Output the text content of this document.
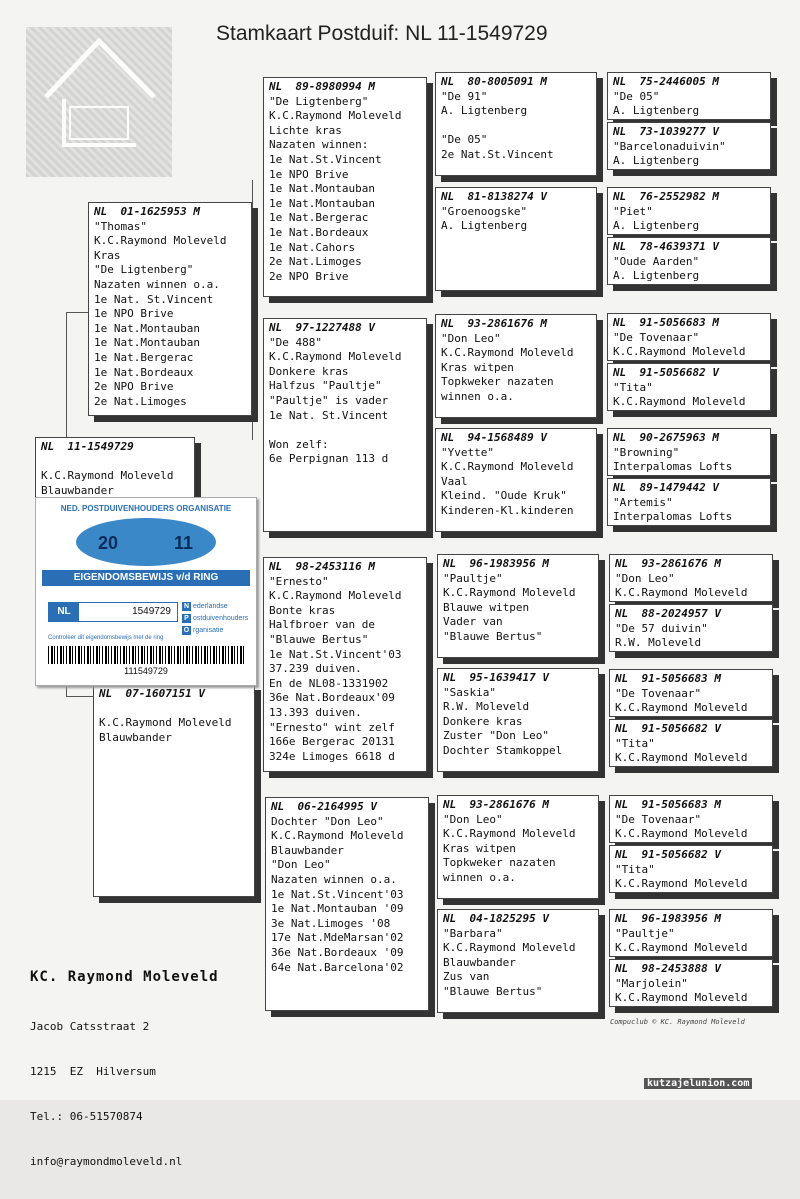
Stamkaart Postduif: NL 11-1549729
NL  11-1549729

K.C.Raymond Moleveld
Blauwbander
NL  01-1625953 M
"Thomas"
K.C.Raymond Moleveld
Kras
"De Ligtenberg"
Nazaten winnen o.a.
1e Nat. St.Vincent
1e NPO Brive
1e Nat.Montauban
1e Nat.Montauban
1e Nat.Bergerac
1e Nat.Bordeaux
2e NPO Brive
2e Nat.Limoges
NL  07-1607151 V

K.C.Raymond Moleveld
Blauwbander
NL  89-8980994 M
"De Ligtenberg"
K.C.Raymond Moleveld
Lichte kras
Nazaten winnen:
1e Nat.St.Vincent
1e NPO Brive
1e Nat.Montauban
1e Nat.Montauban
1e Nat.Bergerac
1e Nat.Bordeaux
1e Nat.Cahors
2e Nat.Limoges
2e NPO Brive
NL  97-1227488 V
"De 488"
K.C.Raymond Moleveld
Donkere kras
Halfzus "Paultje"
"Paultje" is vader
1e Nat. St.Vincent

Won zelf:
6e Perpignan 113 d
NL  98-2453116 M
"Ernesto"
K.C.Raymond Moleveld
Bonte kras
Halfbroer van de
"Blauwe Bertus"
1e Nat.St.Vincent'03
37.239 duiven.
En de NL08-1331902
36e Nat.Bordeaux'09
13.393 duiven.
"Ernesto" wint zelf
166e Bergerac 20131
324e Limoges 6618 d
NL  06-2164995 V
Dochter "Don Leo"
K.C.Raymond Moleveld
Blauwbander
"Don Leo"
Nazaten winnen o.a.
1e Nat.St.Vincent'03
1e Nat.Montauban '09
3e Nat.Limoges '08
17e Nat.MdeMarsan'02
36e Nat.Bordeaux '09
64e Nat.Barcelona'02
NL  80-8005091 M
"De 91"
A. Ligtenberg

"De 05"
2e Nat.St.Vincent
NL  81-8138274 V
"Groenoogske"
A. Ligtenberg
NL  93-2861676 M
"Don Leo"
K.C.Raymond Moleveld
Kras witpen
Topkweker nazaten
winnen o.a.
NL  94-1568489 V
"Yvette"
K.C.Raymond Moleveld
Vaal
Kleind. "Oude Kruk"
Kinderen-Kl.kinderen
NL  96-1983956 M
"Paultje"
K.C.Raymond Moleveld
Blauwe witpen
Vader van
"Blauwe Bertus"
NL  95-1639417 V
"Saskia"
R.W. Moleveld
Donkere kras
Zuster "Don Leo"
Dochter Stamkoppel
NL  93-2861676 M
"Don Leo"
K.C.Raymond Moleveld
Kras witpen
Topkweker nazaten
winnen o.a.
NL  04-1825295 V
"Barbara"
K.C.Raymond Moleveld
Blauwbander
Zus van
"Blauwe Bertus"
NL  75-2446005 M
"De 05"
A. Ligtenberg
NL  73-1039277 V
"Barcelonaduivin"
A. Ligtenberg
NL  76-2552982 M
"Piet"
A. Ligtenberg
NL  78-4639371 V
"Oude Aarden"
A. Ligtenberg
NL  91-5056683 M
"De Tovenaar"
K.C.Raymond Moleveld
NL  91-5056682 V
"Tita"
K.C.Raymond Moleveld
NL  90-2675963 M
"Browning"
Interpalomas Lofts
NL  89-1479442 V
"Artemis"
Interpalomas Lofts
NL  93-2861676 M
"Don Leo"
K.C.Raymond Moleveld
NL  88-2024957 V
"De 57 duivin"
R.W. Moleveld
NL  91-5056683 M
"De Tovenaar"
K.C.Raymond Moleveld
NL  91-5056682 V
"Tita"
K.C.Raymond Moleveld
NL  91-5056683 M
"De Tovenaar"
K.C.Raymond Moleveld
NL  91-5056682 V
"Tita"
K.C.Raymond Moleveld
NL  96-1983956 M
"Paultje"
K.C.Raymond Moleveld
NL  98-2453888 V
"Marjolein"
K.C.Raymond Moleveld
NED. POSTDUIVENHOUDERS ORGANISATIE
20	11
EIGENDOMSBEWIJS v/d RING
NL	1549729 N ederlandse
P ostduivenhouders
O rganisatie
Controleer dit eigendomsbewijs met de ring
111549729

KC. Raymond Moleveld

Jacob Catsstraat 2

1215  EZ  Hilversum

Tel.: 06-51570874

info@raymondmoleveld.nl

Compuclub © KC. Raymond Moleveld
kutzajelunion.com
